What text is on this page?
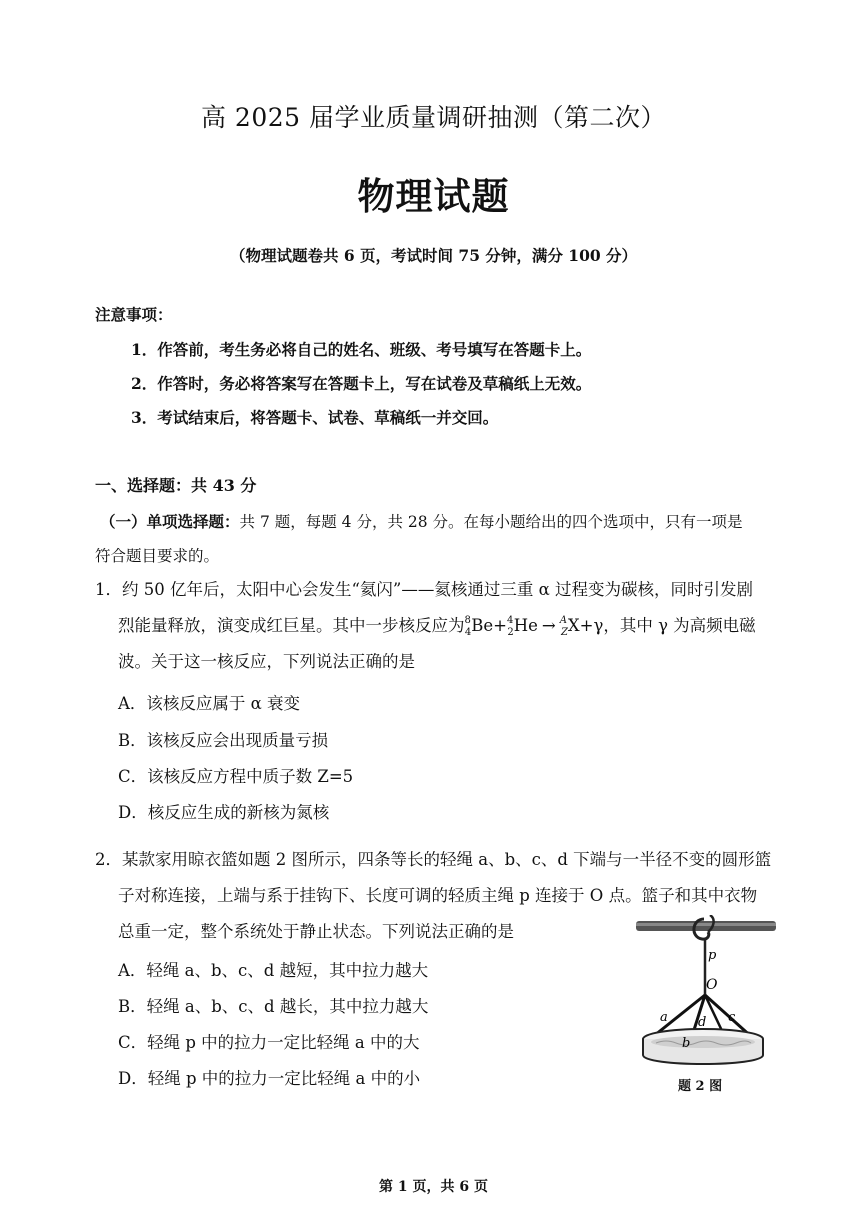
高 2025 届学业质量调研抽测（第二次）
物理试题
（物理试题卷共 6 页，考试时间 75 分钟，满分 100 分）
注意事项：
1．作答前，考生务必将自己的姓名、班级、考号填写在答题卡上。
2．作答时，务必将答案写在答题卡上，写在试卷及草稿纸上无效。
3．考试结束后，将答题卡、试卷、草稿纸一并交回。
一、选择题：共 43 分
（一）单项选择题：共 7 题，每题 4 分，共 28 分。在每小题给出的四个选项中，只有一项是
符合题目要求的。
1．约 50 亿年后，太阳中心会发生“氦闪”——氦核通过三重 α 过程变为碳核，同时引发剧
烈能量释放，演变成红巨星。其中一步核反应为$^8_4$Be+$^4_2$He → $^A_Z$X+γ，其中 γ 为高频电磁
波。关于这一核反应，下列说法正确的是
A．该核反应属于 α 衰变
B．该核反应会出现质量亏损
C．该核反应方程中质子数 Z=5
D．核反应生成的新核为氮核
2．某款家用晾衣篮如题 2 图所示，四条等长的轻绳 a、b、c、d 下端与一半径不变的圆形篮
子对称连接，上端与系于挂钩下、长度可调的轻质主绳 p 连接于 O 点。篮子和其中衣物
总重一定，整个系统处于静止状态。下列说法正确的是
A．轻绳 a、b、c、d 越短，其中拉力越大
B．轻绳 a、b、c、d 越长，其中拉力越大
C．轻绳 p 中的拉力一定比轻绳 a 中的大
D．轻绳 p 中的拉力一定比轻绳 a 中的小
p
O
a d c
b
题 2 图
第 1 页，共 6 页
